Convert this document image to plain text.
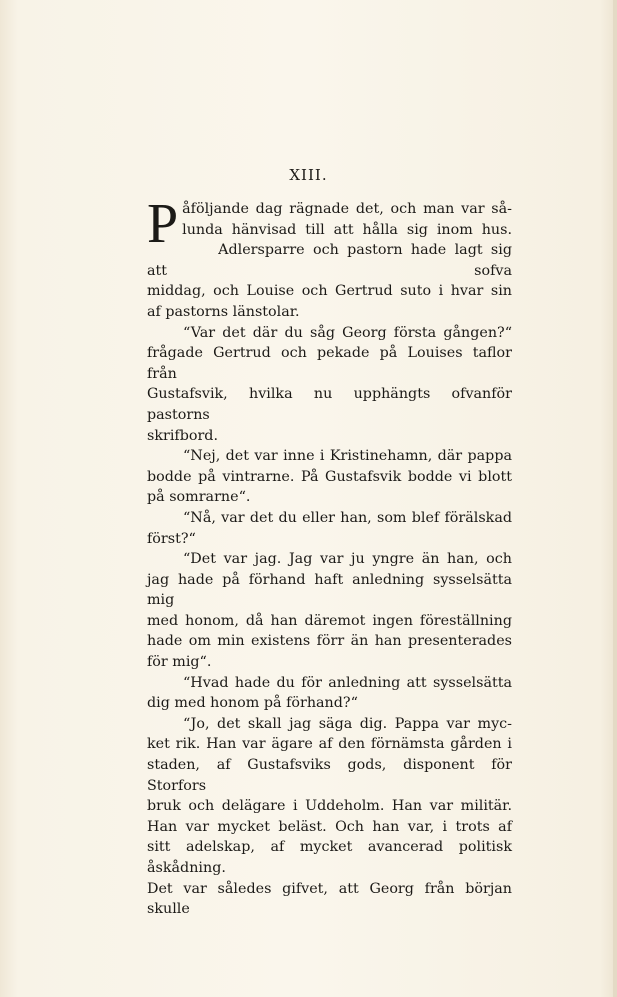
XIII.

P åföljande dag rägnade det, och man var så-
lunda hänvisad till att hålla sig inom hus.

Adlersparre och pastorn hade lagt sig att sofva
middag, och Louise och Gertrud suto i hvar sin
af pastorns länstolar.

“Var det där du såg Georg första gången?“
frågade Gertrud och pekade på Louises taflor från
Gustafsvik, hvilka nu upphängts ofvanför pastorns
skrifbord.

“Nej, det var inne i Kristinehamn, där pappa
bodde på vintrarne. På Gustafsvik bodde vi blott
på somrarne“.

“Nå, var det du eller han, som blef förälskad
först?“

“Det var jag. Jag var ju yngre än han, och
jag hade på förhand haft anledning sysselsätta mig
med honom, då han däremot ingen föreställning
hade om min existens förr än han presenterades
för mig“.

“Hvad hade du för anledning att sysselsätta
dig med honom på förhand?“

“Jo, det skall jag säga dig. Pappa var myc-
ket rik. Han var ägare af den förnämsta gården i
staden, af Gustafsviks gods, disponent för Storfors
bruk och delägare i Uddeholm. Han var militär.
Han var mycket beläst. Och han var, i trots af
sitt adelskap, af mycket avancerad politisk åskådning.
Det var således gifvet, att Georg från början skulle
